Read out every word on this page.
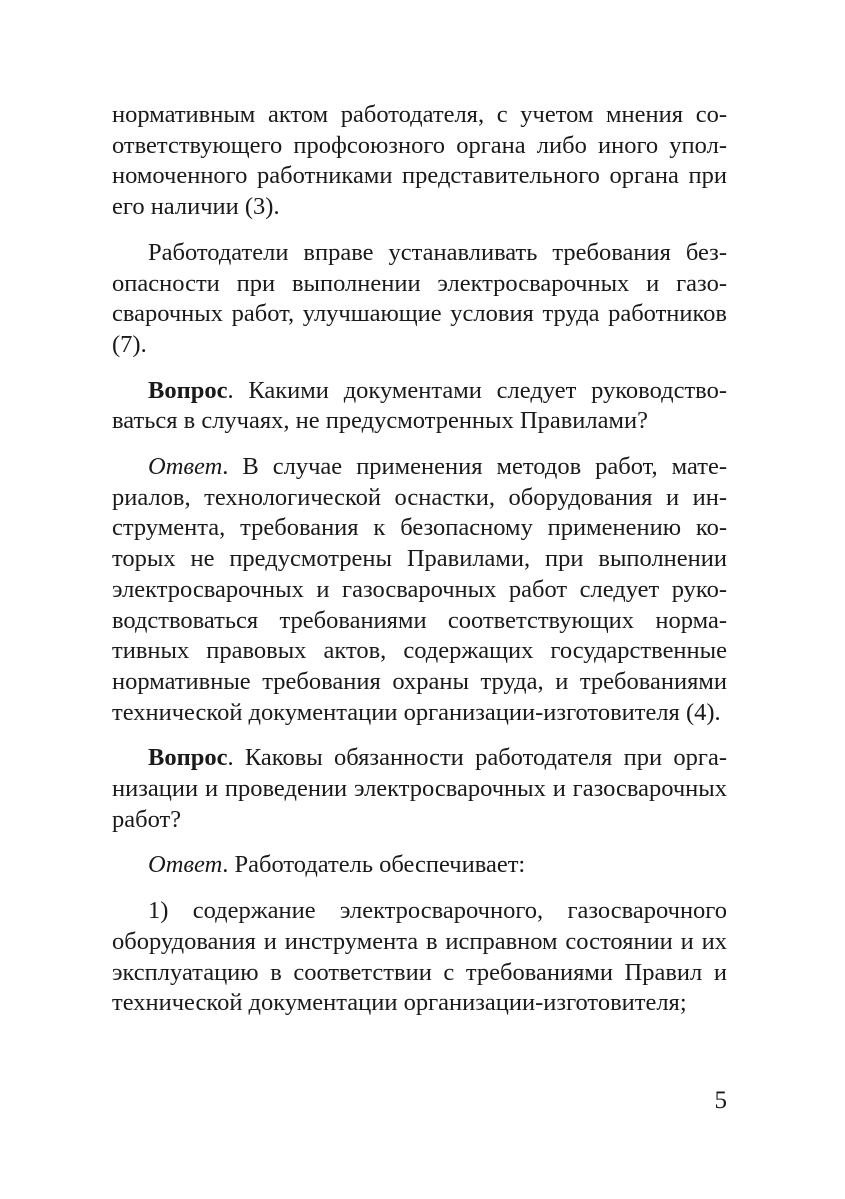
нормативным актом работодателя, с учетом мнения соответствующего профсоюзного органа либо иного уполномоченного работниками представительного органа при его наличии (3).

Работодатели вправе устанавливать требования безопасности при выполнении электросварочных и газосварочных работ, улучшающие условия труда работников (7).

Вопрос. Какими документами следует руководствоваться в случаях, не предусмотренных Правилами?

Ответ. В случае применения методов работ, материалов, технологической оснастки, оборудования и инструмента, требования к безопасному применению которых не предусмотрены Правилами, при выполнении электросварочных и газосварочных работ следует руководствоваться требованиями соответствующих нормативных правовых актов, содержащих государственные нормативные требования охраны труда, и требованиями технической документации организации-изготовителя (4).

Вопрос. Каковы обязанности работодателя при организации и проведении электросварочных и газосварочных работ?

Ответ. Работодатель обеспечивает:

1) содержание электросварочного, газосварочного оборудования и инструмента в исправном состоянии и их эксплуатацию в соответствии с требованиями Правил и технической документации организации-изготовителя;

5
